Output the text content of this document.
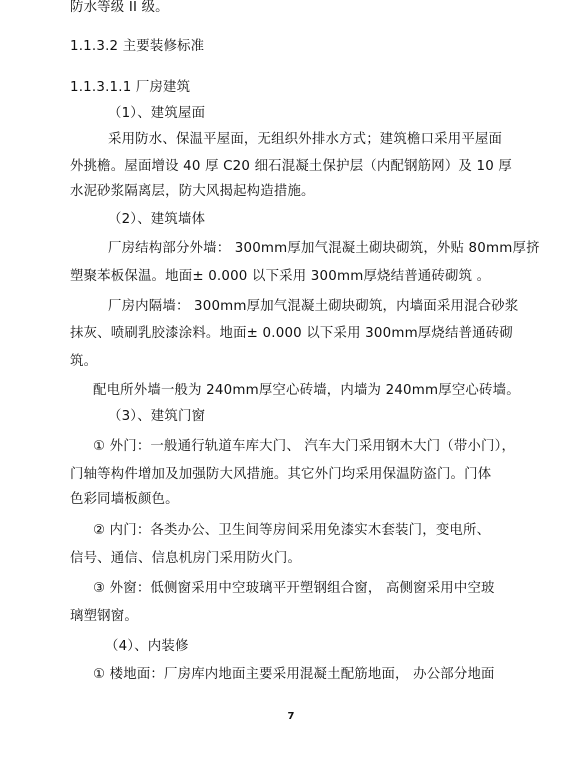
防水等级 II 级。
1.1.3.2 主要装修标准
1.1.3.1.1 厂房建筑
（1）、建筑屋面
采用防水、保温平屋面，无组织外排水方式；建筑檐口采用平屋面
外挑檐。屋面增设 40 厚 C20 细石混凝土保护层（内配钢筋网）及 10 厚
水泥砂浆隔离层，防大风揭起构造措施。
（2）、建筑墙体
厂房结构部分外墙： 300mm厚加气混凝土砌块砌筑，外贴 80mm厚挤
塑聚苯板保温。地面± 0.000 以下采用 300mm厚烧结普通砖砌筑 。
厂房内隔墙： 300mm厚加气混凝土砌块砌筑，内墙面采用混合砂浆
抹灰、喷刷乳胶漆涂料。地面± 0.000 以下采用 300mm厚烧结普通砖砌
筑。
配电所外墙一般为 240mm厚空心砖墙，内墙为 240mm厚空心砖墙。
（3）、建筑门窗
① 外门：一般通行轨道车库大门、 汽车大门采用钢木大门（带小门），
门轴等构件增加及加强防大风措施。其它外门均采用保温防盗门。门体
色彩同墙板颜色。
② 内门：各类办公、卫生间等房间采用免漆实木套装门，变电所、
信号、通信、信息机房门采用防火门。
③ 外窗：低侧窗采用中空玻璃平开塑钢组合窗， 高侧窗采用中空玻
璃塑钢窗。
（4）、内装修
① 楼地面：厂房库内地面主要采用混凝土配筋地面， 办公部分地面
7
